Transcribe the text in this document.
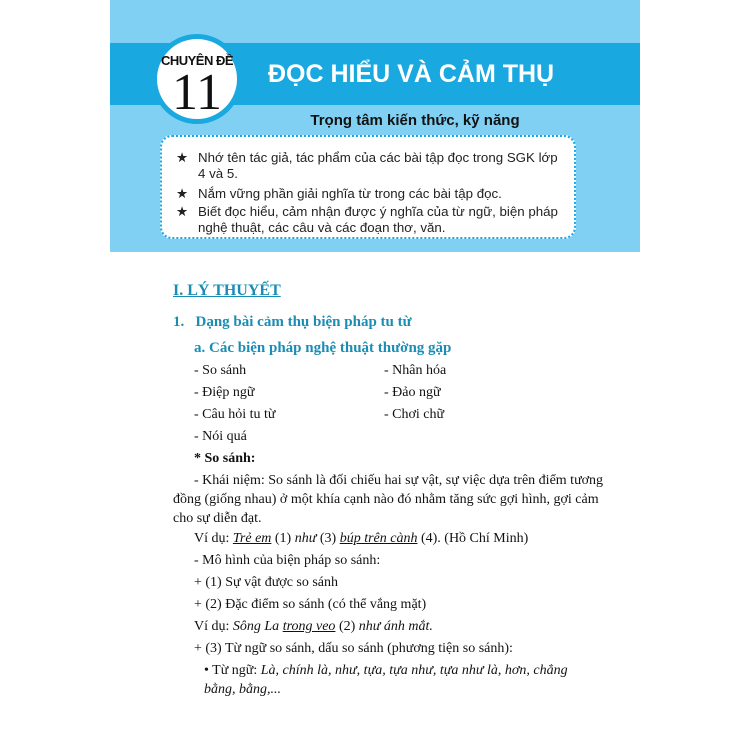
CHUYÊN ĐỀ
11	ĐỌC HIỂU VÀ CẢM THỤ
Trọng tâm kiến thức, kỹ năng
★ Nhớ tên tác giả, tác phẩm của các bài tập đọc trong SGK lớp 4 và 5.
★ Nắm vững phần giải nghĩa từ trong các bài tập đọc.
★ Biết đọc hiểu, cảm nhận được ý nghĩa của từ ngữ, biện pháp nghệ thuật, các câu và các đoạn thơ, văn.
I. LÝ THUYẾT
1.   Dạng bài cảm thụ biện pháp tu từ
a. Các biện pháp nghệ thuật thường gặp
- So sánh	- Nhân hóa
- Điệp ngữ	- Đảo ngữ
- Câu hỏi tu từ	- Chơi chữ
- Nói quá
* So sánh:
- Khái niệm: So sánh là đối chiếu hai sự vật, sự việc dựa trên điểm tương
đồng (giống nhau) ở một khía cạnh nào đó nhằm tăng sức gợi hình, gợi cảm
cho sự diễn đạt.
Ví dụ: Trẻ em (1) như (3) búp trên cành (4). (Hồ Chí Minh)
- Mô hình của biện pháp so sánh:
+ (1) Sự vật được so sánh
+ (2) Đặc điểm so sánh (có thể vắng mặt)
Ví dụ: Sông La trong veo (2) như ánh mắt.
+ (3) Từ ngữ so sánh, dấu so sánh (phương tiện so sánh):
• Từ ngữ: Là, chính là, như, tựa, tựa như, tựa như là, hơn, chẳng
bằng, bằng,...
